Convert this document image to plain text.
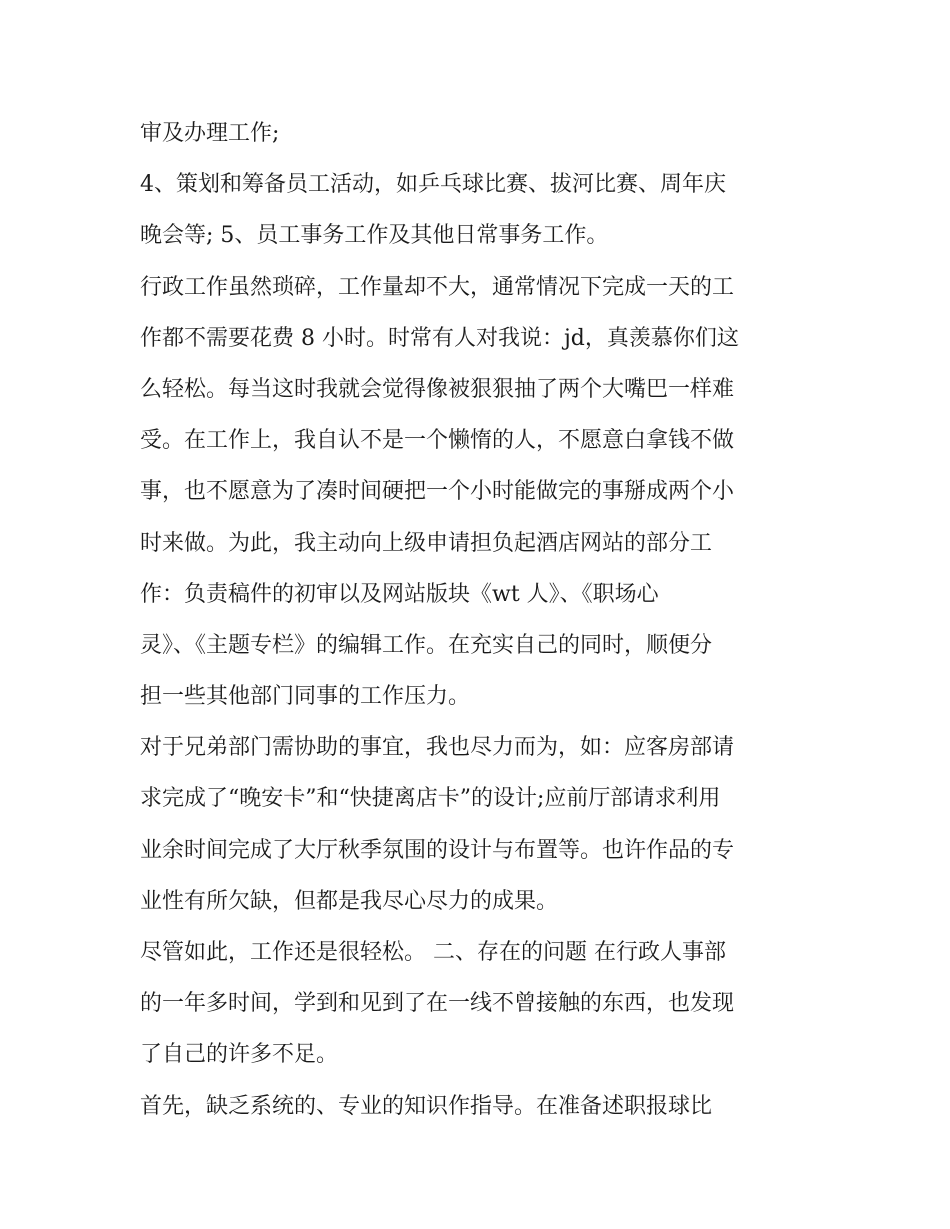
审及办理工作;
4、策划和筹备员工活动，如乒乓球比赛、拔河比赛、周年庆
晚会等; 5、员工事务工作及其他日常事务工作。
行政工作虽然琐碎，工作量却不大，通常情况下完成一天的工
作都不需要花费 8 小时。时常有人对我说：jd，真羡慕你们这
么轻松。每当这时我就会觉得像被狠狠抽了两个大嘴巴一样难
受。在工作上，我自认不是一个懒惰的人，不愿意白拿钱不做
事，也不愿意为了凑时间硬把一个小时能做完的事掰成两个小
时来做。为此，我主动向上级申请担负起酒店网站的部分工
作：负责稿件的初审以及网站版块《wt 人》、《职场心
灵》、《主题专栏》的编辑工作。在充实自己的同时，顺便分
担一些其他部门同事的工作压力。
对于兄弟部门需协助的事宜，我也尽力而为，如：应客房部请
求完成了“晚安卡”和“快捷离店卡”的设计;应前厅部请求利用
业余时间完成了大厅秋季氛围的设计与布置等。也许作品的专
业性有所欠缺，但都是我尽心尽力的成果。
尽管如此，工作还是很轻松。 二、存在的问题 在行政人事部
的一年多时间，学到和见到了在一线不曾接触的东西，也发现
了自己的许多不足。
首先，缺乏系统的、专业的知识作指导。在准备述职报球比
